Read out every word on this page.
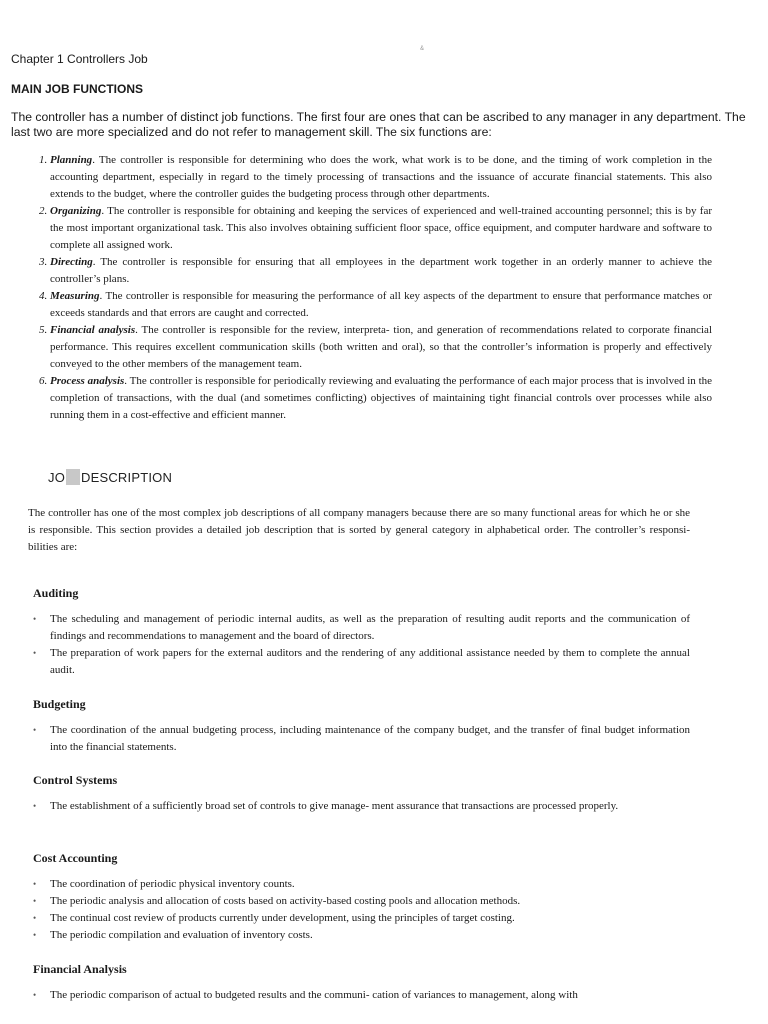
&
Chapter 1 Controllers Job
MAIN JOB FUNCTIONS
The controller has a number of distinct job functions. The first four are ones that can be ascribed to any manager in any department. The last two are more specialized and do not refer to management skill. The six functions are:
1. Planning. The controller is responsible for determining who does the work, what work is to be done, and the timing of work completion in the accounting department, especially in regard to the timely processing of transactions and the issuance of accurate financial statements. This also extends to the budget, where the controller guides the budgeting process through other departments.
2. Organizing. The controller is responsible for obtaining and keeping the services of experienced and well-trained accounting personnel; this is by far the most important organizational task. This also involves obtaining sufficient floor space, office equipment, and computer hardware and software to complete all assigned work.
3. Directing. The controller is responsible for ensuring that all employees in the department work together in an orderly manner to achieve the controller’s plans.
4. Measuring. The controller is responsible for measuring the performance of all key aspects of the department to ensure that performance matches or exceeds standards and that errors are caught and corrected.
5. Financial analysis. The controller is responsible for the review, interpreta- tion, and generation of recommendations related to corporate financial performance. This requires excellent communication skills (both written and oral), so that the controller’s information is properly and effectively conveyed to the other members of the management team.
6. Process analysis. The controller is responsible for periodically reviewing and evaluating the performance of each major process that is involved in the completion of transactions, with the dual (and sometimes conflicting) objectives of maintaining tight financial controls over processes while also running them in a cost-effective and efficient manner.
JO DESCRIPTION
The controller has one of the most complex job descriptions of all company managers because there are so many functional areas for which he or she is responsible. This section provides a detailed job description that is sorted by general category in alphabetical order. The controller’s responsi- bilities are:
Auditing
• The scheduling and management of periodic internal audits, as well as the preparation of resulting audit reports and the communication of findings and recommendations to management and the board of directors.
• The preparation of work papers for the external auditors and the rendering of any additional assistance needed by them to complete the annual audit.
Budgeting
• The coordination of the annual budgeting process, including maintenance of the company budget, and the transfer of final budget information into the financial statements.
Control Systems
• The establishment of a sufficiently broad set of controls to give manage- ment assurance that transactions are processed properly.
Cost Accounting
• The coordination of periodic physical inventory counts.
• The periodic analysis and allocation of costs based on activity-based costing pools and allocation methods.
• The continual cost review of products currently under development, using the principles of target costing.
• The periodic compilation and evaluation of inventory costs.
Financial Analysis
• The periodic comparison of actual to budgeted results and the communi- cation of variances to management, along with
